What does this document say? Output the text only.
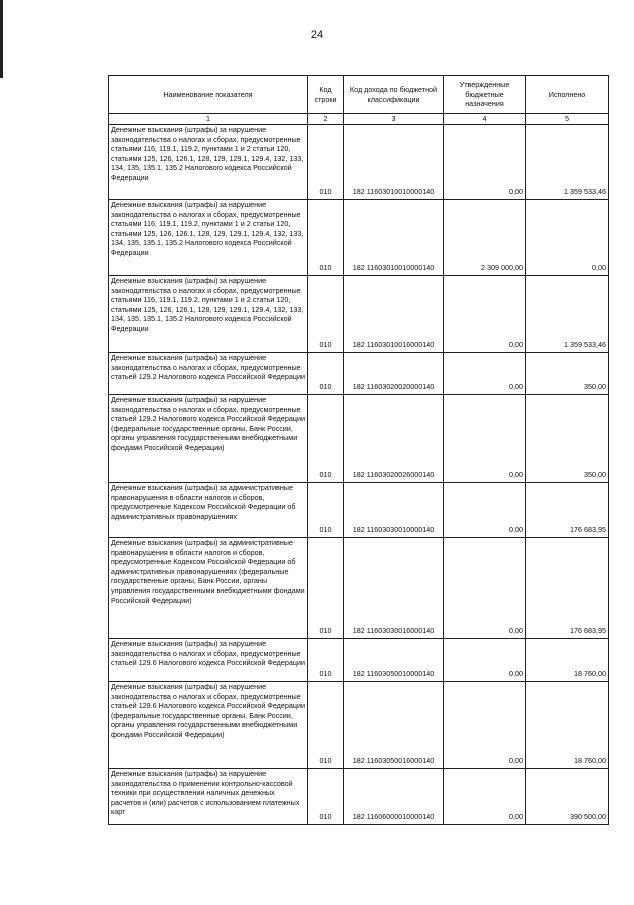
24
Наименование показателя	Код строки	Код дохода по бюджетной классификации	Утвержденные бюджетные назначения	Исполнено
1	2	3	4	5
Денежные взыскания (штрафы) за нарушение законодательства о налогах и сборах, предусмотренные статьями 116, 119.1, 119.2, пунктами 1 и 2 статьи 120, статьями 125, 126, 126.1, 128, 129, 129.1, 129.4, 132, 133, 134, 135, 135.1, 135.2 Налогового кодекса Российской Федерации	010	182 11603010010000140	0,00	1 359 533,46
Денежные взыскания (штрафы) за нарушение законодательства о налогах и сборах, предусмотренные статьями 116, 119.1, 119.2, пунктами 1 и 2 статьи 120, статьями 125, 126, 126.1, 128, 129, 129.1, 129.4, 132, 133, 134, 135, 135.1, 135.2 Налогового кодекса Российской Федерации	010	182 11603010010000140	2 309 000,00	0,00
Денежные взыскания (штрафы) за нарушение законодательства о налогах и сборах, предусмотренные статьями 116, 119.1, 119.2, пунктами 1 и 2 статьи 120, статьями 125, 126, 126.1, 128, 129, 129.1, 129.4, 132, 133, 134, 135, 135.1, 135.2 Налогового кодекса Российской Федерации	010	182 11603010016000140	0,00	1 359 533,46
Денежные взыскания (штрафы) за нарушение законодательства о налогах и сборах, предусмотренные статьей 129.2 Налогового кодекса Российской Федерации	010	182 11603020020000140	0,00	350,00
Денежные взыскания (штрафы) за нарушение законодательства о налогах и сборах, предусмотренные статьей 129.2 Налогового кодекса Российской Федерации (федеральные государственные органы, Банк России, органы управления государственными внебюджетными фондами Российской Федерации)	010	182 11603020026000140	0,00	350,00
Денежные взыскания (штрафы) за административные правонарушения в области налогов и сборов, предусмотренные Кодексом Российской Федерации об административных правонарушениях	010	182 11603030010000140	0,00	176 683,95
Денежные взыскания (штрафы) за административные правонарушения в области налогов и сборов, предусмотренные Кодексом Российской Федерации об административных правонарушениях (федеральные государственные органы, Банк России, органы управления государственными внебюджетными фондами Российской Федерации)	010	182 11603030016000140	0,00	176 683,95
Денежные взыскания (штрафы) за нарушение законодательства о налогах и сборах, предусмотренные статьей 129.6 Налогового кодекса Российской Федерации	010	182 11603050010000140	0,00	18 760,00
Денежные взыскания (штрафы) за нарушение законодательства о налогах и сборах, предусмотренные статьей 129.6 Налогового кодекса Российской Федерации (федеральные государственные органы, Банк России, органы управления государственными внебюджетными фондами Российской Федерации)	010	182 11603050016000140	0,00	18 760,00
Денежные взыскания (штрафы) за нарушение законодательства о применении контрольно-кассовой техники при осуществлении наличных денежных расчетов и (или) расчетов с использованием платежных карт	010	182 11606000010000140	0,00	390 500,00
